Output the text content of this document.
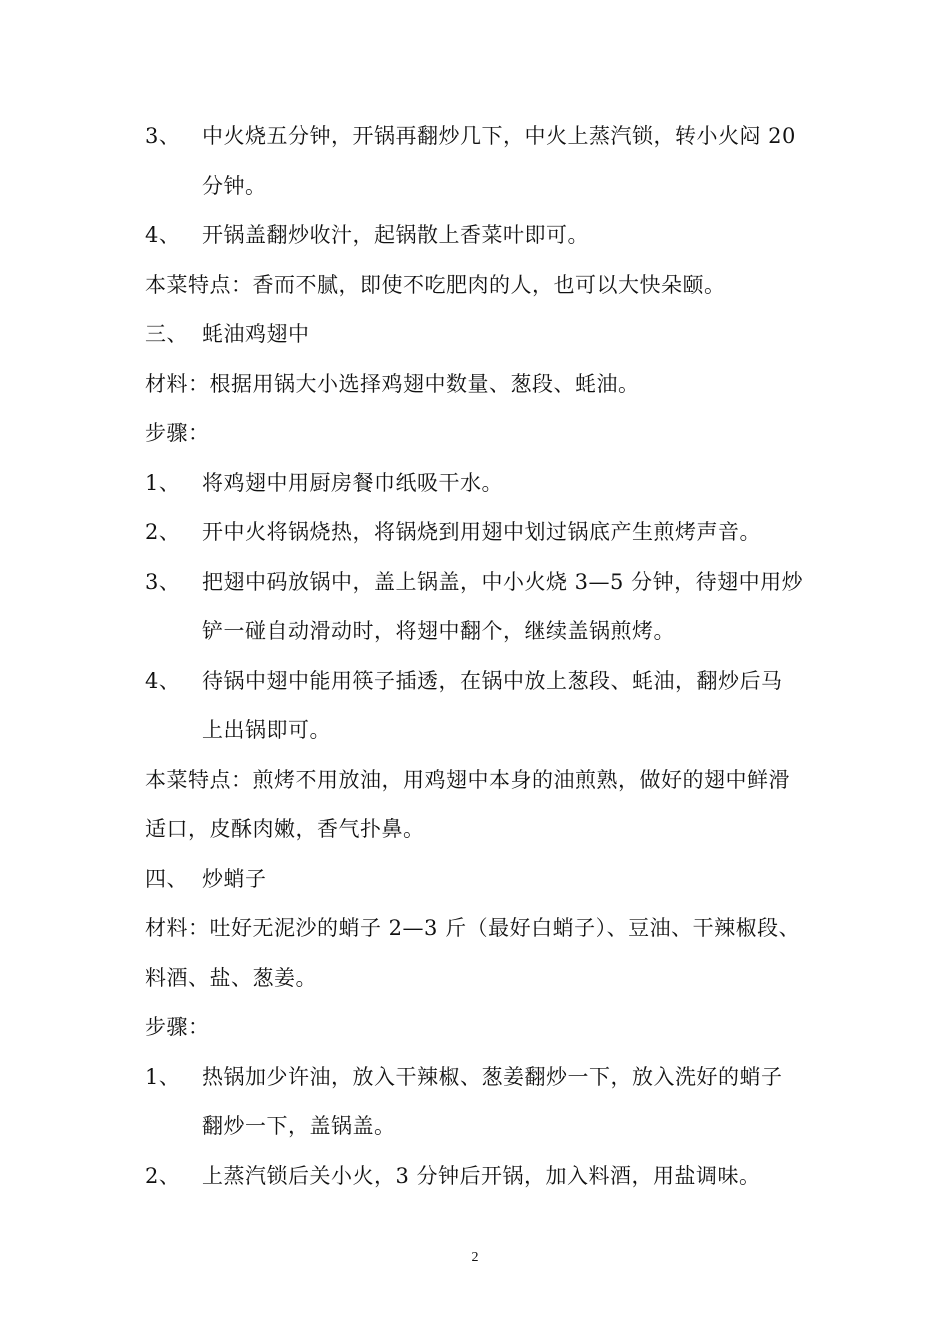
3、 中火烧五分钟，开锅再翻炒几下，中火上蒸汽锁，转小火闷 20
分钟。
4、 开锅盖翻炒收汁，起锅散上香菜叶即可。
本菜特点：香而不腻，即使不吃肥肉的人，也可以大快朵颐。
三、 蚝油鸡翅中
材料：根据用锅大小选择鸡翅中数量、葱段、蚝油。
步骤：
1、 将鸡翅中用厨房餐巾纸吸干水。
2、 开中火将锅烧热，将锅烧到用翅中划过锅底产生煎烤声音。
3、 把翅中码放锅中，盖上锅盖，中小火烧 3—5 分钟，待翅中用炒
铲一碰自动滑动时，将翅中翻个，继续盖锅煎烤。
4、 待锅中翅中能用筷子插透，在锅中放上葱段、蚝油，翻炒后马
上出锅即可。
本菜特点：煎烤不用放油，用鸡翅中本身的油煎熟，做好的翅中鲜滑
适口，皮酥肉嫩，香气扑鼻。
四、 炒蛸子
材料：吐好无泥沙的蛸子 2—3 斤（最好白蛸子）、豆油、干辣椒段、
料酒、盐、葱姜。
步骤：
1、 热锅加少许油，放入干辣椒、葱姜翻炒一下，放入洗好的蛸子
翻炒一下，盖锅盖。
2、 上蒸汽锁后关小火，3 分钟后开锅，加入料酒，用盐调味。
2
